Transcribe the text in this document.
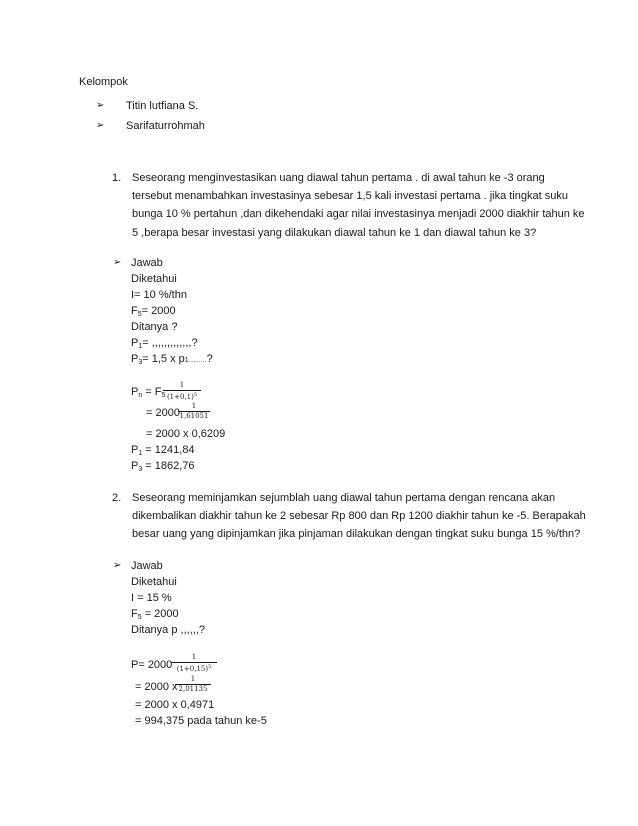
Kelompok
➢ Titin lutfiana S.
➢ Sarifaturrohmah
1. Seseorang menginvestasikan uang diawal tahun pertama . di awal tahun ke -3 orang
tersebut menambahkan investasinya sebesar 1,5 kali investasi pertama . jika tingkat suku
bunga 10 % pertahun ,dan dikehendaki agar nilai investasinya menjadi 2000 diakhir tahun ke
5 ,berapa besar investasi yang dilakukan diawal tahun ke 1 dan diawal tahun ke 3?
➢ Jawab
Diketahui
I= 10 %/thn
$F_5= 2000$
Ditanya ?
$P_1=$ ,,,,,,,,,,,,,?
$P_3= 1,5$ x p1……..?
$P_n = F_5$
1
$(1+0,1)^5$
= 2000
1
1,61051
= 2000 x 0,6209
$P_1 = 1241,84$
$P_3 = 1862,76$
2. Seseorang meminjamkan sejumblah uang diawal tahun pertama dengan rencana akan
dikembalikan diakhir tahun ke 2 sebesar Rp 800 dan Rp 1200 diakhir tahun ke -5. Berapakah
besar uang yang dipinjamkan jika pinjaman dilakukan dengan tingkat suku bunga 15 %/thn?
➢ Jawab
Diketahui
I = 15 %
$F_5 = 2000$
Ditanya p ,,,,,,?
P= 2000
1
$(1+0,15)^5$
= 2000 x
1
2,01135
= 2000 x 0,4971
= 994,375 pada tahun ke-5
